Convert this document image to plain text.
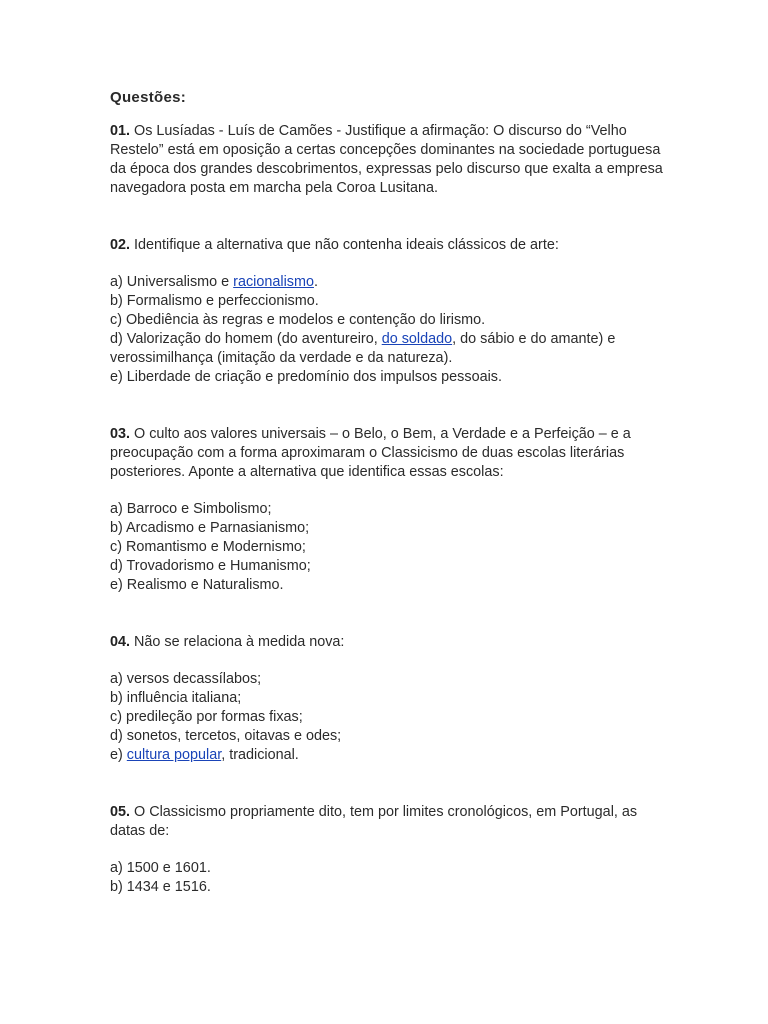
Questões:

01. Os Lusíadas - Luís de Camões - Justifique a afirmação: O discurso do “Velho Restelo” está em oposição a certas concepções dominantes na sociedade portuguesa da época dos grandes descobrimentos, expressas pelo discurso que exalta a empresa navegadora posta em marcha pela Coroa Lusitana.

02. Identifique a alternativa que não contenha ideais clássicos de arte:

a) Universalismo e racionalismo.

b) Formalismo e perfeccionismo.

c) Obediência às regras e modelos e contenção do lirismo.

d) Valorização do homem (do aventureiro, do soldado, do sábio e do amante) e verossimilhança (imitação da verdade e da natureza).

e) Liberdade de criação e predomínio dos impulsos pessoais.

03. O culto aos valores universais – o Belo, o Bem, a Verdade e a Perfeição – e a preocupação com a forma aproximaram o Classicismo de duas escolas literárias posteriores. Aponte a alternativa que identifica essas escolas:

a) Barroco e Simbolismo;

b) Arcadismo e Parnasianismo;

c) Romantismo e Modernismo;

d) Trovadorismo e Humanismo;

e) Realismo e Naturalismo.

04. Não se relaciona à medida nova:

a) versos decassílabos;

b) influência italiana;

c) predileção por formas fixas;

d) sonetos, tercetos, oitavas e odes;

e) cultura popular, tradicional.

05. O Classicismo propriamente dito, tem por limites cronológicos, em Portugal, as datas de:

a) 1500 e 1601.

b) 1434 e 1516.
